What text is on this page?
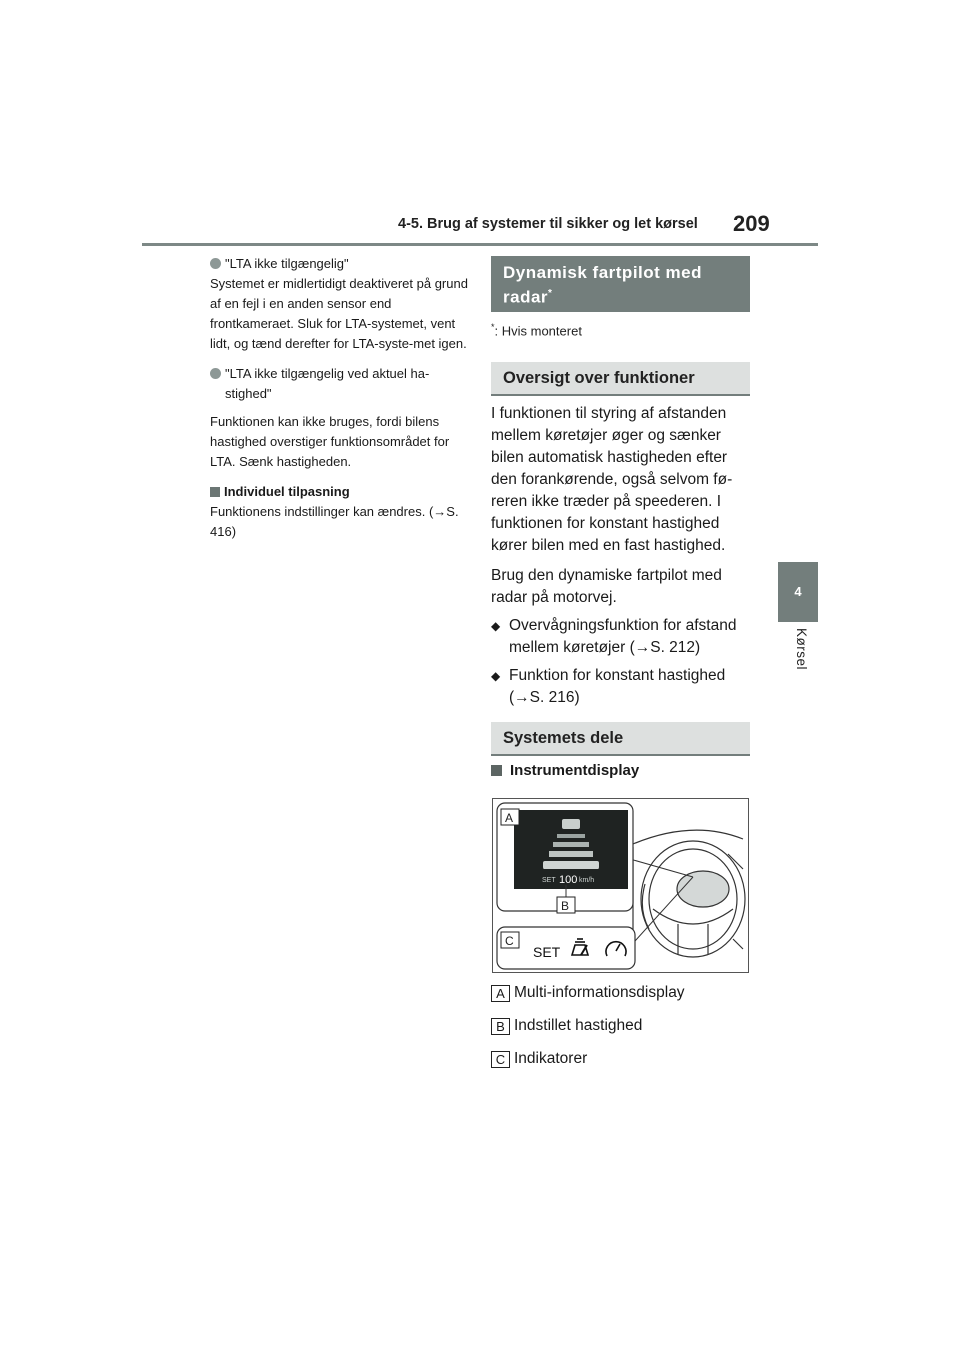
4-5. Brug af systemer til sikker og let kørsel 209
4
Kørsel
"LTA ikke tilgængelig"
Systemet er midlertidigt deaktiveret på grund af en fejl i en anden sensor end frontkameraet. Sluk for LTA-systemet, vent lidt, og tænd derefter for LTA-syste-met igen.
"LTA ikke tilgængelig ved aktuel ha-stighed"
Funktionen kan ikke bruges, fordi bilens hastighed overstiger funktionsområdet for LTA. Sænk hastigheden.
Individuel tilpasning
Funktionens indstillinger kan ændres. (→S. 416)
Dynamisk fartpilot med radar*
*: Hvis monteret
Oversigt over funktioner

I funktionen til styring af afstanden mellem køretøjer øger og sænker bilen automatisk hastigheden efter den forankørende, også selvom fø-reren ikke træder på speederen. I funktionen for konstant hastighed kører bilen med en fast hastighed.

Brug den dynamiske fartpilot med radar på motorvej.

◆ Overvågningsfunktion for afstand mellem køretøjer (→S. 212)
◆ Funktion for konstant hastighed (→S. 216)
Systemets dele
Instrumentdisplay
SET 100 km/h
A
B
C
SET
A Multi-informationsdisplay
B Indstillet hastighed
C Indikatorer
